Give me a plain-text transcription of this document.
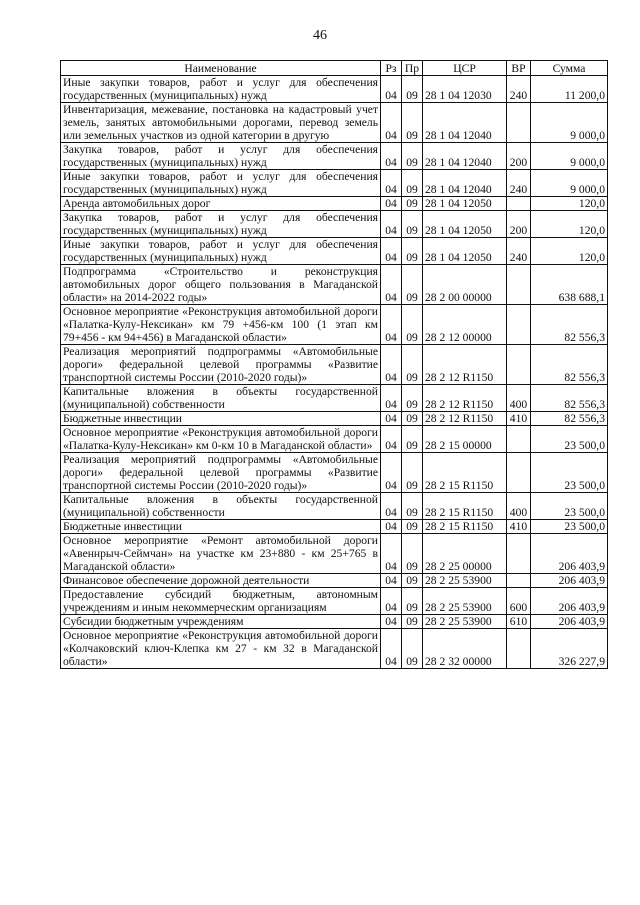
46
Наименование	Рз	Пр	ЦСР	ВР	Сумма
Иные закупки товаров, работ и услуг для обеспечения государственных (муниципальных) нужд	04	09	28 1 04 12030	240	11 200,0
Инвентаризация, межевание, постановка на кадастровый учет земель, занятых автомобильными дорогами, перевод земель или земельных участков из одной категории в другую	04	09	28 1 04 12040		9 000,0
Закупка товаров, работ и услуг для обеспечения государственных (муниципальных) нужд	04	09	28 1 04 12040	200	9 000,0
Иные закупки товаров, работ и услуг для обеспечения государственных (муниципальных) нужд	04	09	28 1 04 12040	240	9 000,0
Аренда автомобильных дорог	04	09	28 1 04 12050		120,0
Закупка товаров, работ и услуг для обеспечения государственных (муниципальных) нужд	04	09	28 1 04 12050	200	120,0
Иные закупки товаров, работ и услуг для обеспечения государственных (муниципальных) нужд	04	09	28 1 04 12050	240	120,0
Подпрограмма «Строительство и реконструкция автомобильных дорог общего пользования в Магаданской области» на 2014-2022 годы»	04	09	28 2 00 00000		638 688,1
Основное мероприятие «Реконструкция автомобильной дороги «Палатка-Кулу-Нексикан» км 79 +456-км 100 (1 этап км 79+456 - км 94+456) в Магаданской области»	04	09	28 2 12 00000		82 556,3
Реализация мероприятий подпрограммы «Автомобильные дороги» федеральной целевой программы «Развитие транспортной системы России (2010-2020 годы)»	04	09	28 2 12 R1150		82 556,3
Капитальные вложения в объекты государственной (муниципальной) собственности	04	09	28 2 12 R1150	400	82 556,3
Бюджетные инвестиции	04	09	28 2 12 R1150	410	82 556,3
Основное мероприятие «Реконструкция автомобильной дороги «Палатка-Кулу-Нексикан» км 0-км 10 в Магаданской области»	04	09	28 2 15 00000		23 500,0
Реализация мероприятий подпрограммы «Автомобильные дороги» федеральной целевой программы «Развитие транспортной системы России (2010-2020 годы)»	04	09	28 2 15 R1150		23 500,0
Капитальные вложения в объекты государственной (муниципальной) собственности	04	09	28 2 15 R1150	400	23 500,0
Бюджетные инвестиции	04	09	28 2 15 R1150	410	23 500,0
Основное мероприятие «Ремонт автомобильной дороги «Авеннрыч-Сеймчан» на участке км 23+880 - км 25+765 в Магаданской области»	04	09	28 2 25 00000		206 403,9
Финансовое обеспечение дорожной деятельности	04	09	28 2 25 53900		206 403,9
Предоставление субсидий бюджетным, автономным учреждениям и иным некоммерческим организациям	04	09	28 2 25 53900	600	206 403,9
Субсидии бюджетным учреждениям	04	09	28 2 25 53900	610	206 403,9
Основное мероприятие «Реконструкция автомобильной дороги «Колчаковский ключ-Клепка км 27 - км 32 в Магаданской области»	04	09	28 2 32 00000		326 227,9
